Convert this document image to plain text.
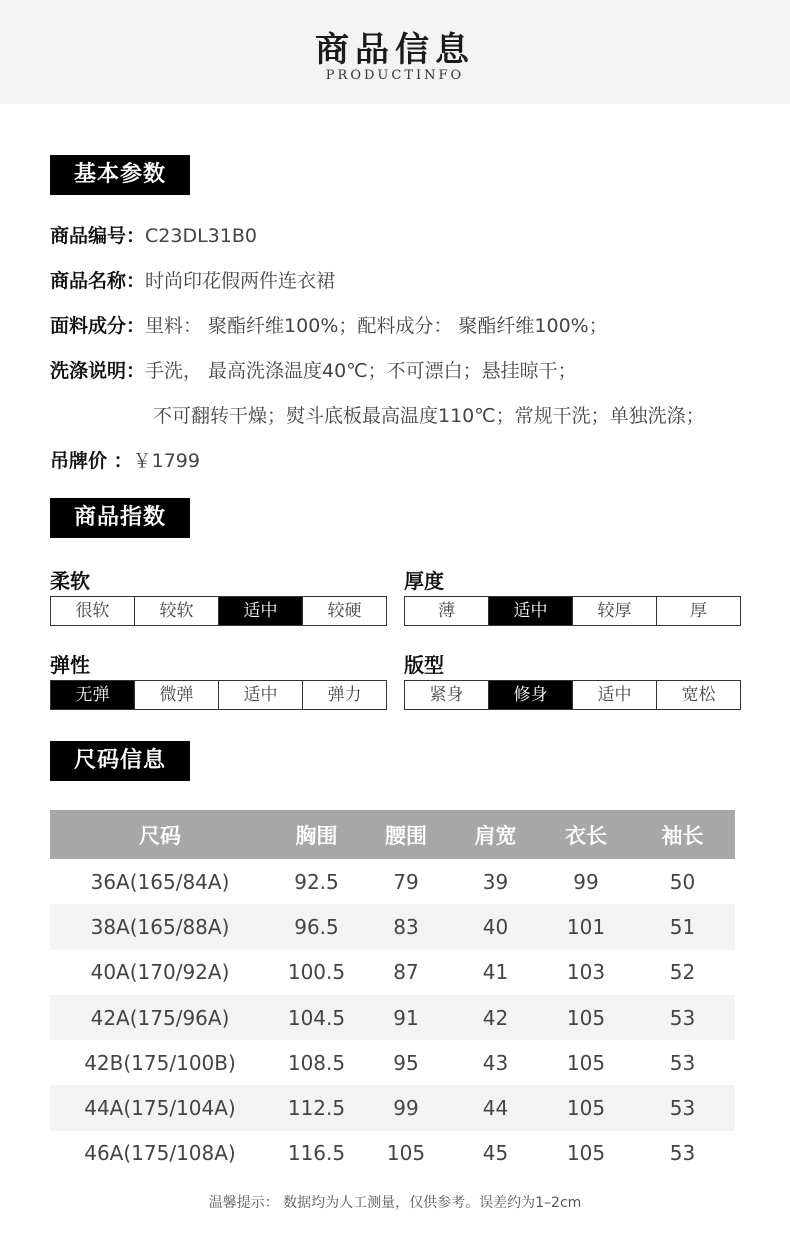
商品信息
PRODUCTINFO
基本参数
商品编号：C23DL31B0
商品名称：时尚印花假两件连衣裙
面料成分：里料： 聚酯纤维100%；配料成分： 聚酯纤维100%；
洗涤说明：手洗， 最高洗涤温度40℃；不可漂白；悬挂晾干；
不可翻转干燥；熨斗底板最高温度110℃；常规干洗；单独洗涤；
吊牌价 ：￥1799
商品指数
柔软
很软	较软	适中	较硬
厚度
薄	适中	较厚	厚
弹性
无弹	微弹	适中	弹力
版型
紧身	修身	适中	宽松
尺码信息
尺码	胸围	腰围	肩宽	衣长	袖长
36A(165/84A)	92.5	79	39	99	50
38A(165/88A)	96.5	83	40	101	51
40A(170/92A)	100.5	87	41	103	52
42A(175/96A)	104.5	91	42	105	53
42B(175/100B)	108.5	95	43	105	53
44A(175/104A)	112.5	99	44	105	53
46A(175/108A)	116.5	105	45	105	53
温馨提示： 数据均为人工测量，仅供参考。误差约为1–2cm
